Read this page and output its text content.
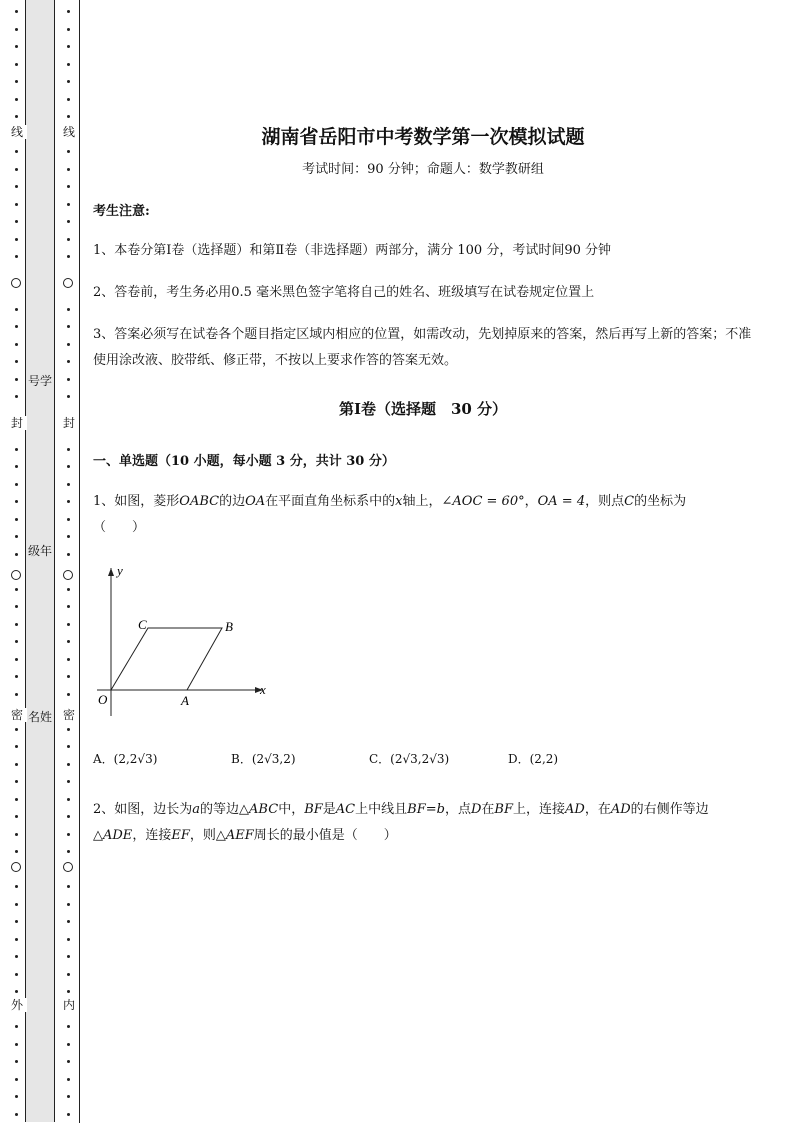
线
封
密
外
线
封
密
内
号学
级年
名姓
湖南省岳阳市中考数学第一次模拟试题
考试时间：90 分钟；命题人：数学教研组
考生注意:
1、本卷分第I卷（选择题）和第Ⅱ卷（非选择题）两部分，满分 100 分，考试时间90 分钟
2、答卷前，考生务必用0.5 毫米黑色签字笔将自己的姓名、班级填写在试卷规定位置上
3、答案必须写在试卷各个题目指定区域内相应的位置，如需改动，先划掉原来的答案，然后再写上新的答案；不准使用涂改液、胶带纸、修正带，不按以上要求作答的答案无效。
第I卷（选择题　30 分）
一、单选题（10 小题，每小题 3 分，共计 30 分）
1、如图，菱形OABC的边OA在平面直角坐标系中的x轴上，∠AOC = 60°，OA = 4，则点C的坐标为
（　　）
x
y
O	A
B
C
A．(2,2√3)	B．(2√3,2)	C．(2√3,2√3)	D．(2,2)
2、如图，边长为a的等边△ABC中，BF是AC上中线且BF=b，点D在BF上，连接AD，在AD的右侧作等边△ADE，连接EF，则△AEF周长的最小值是（　　）
